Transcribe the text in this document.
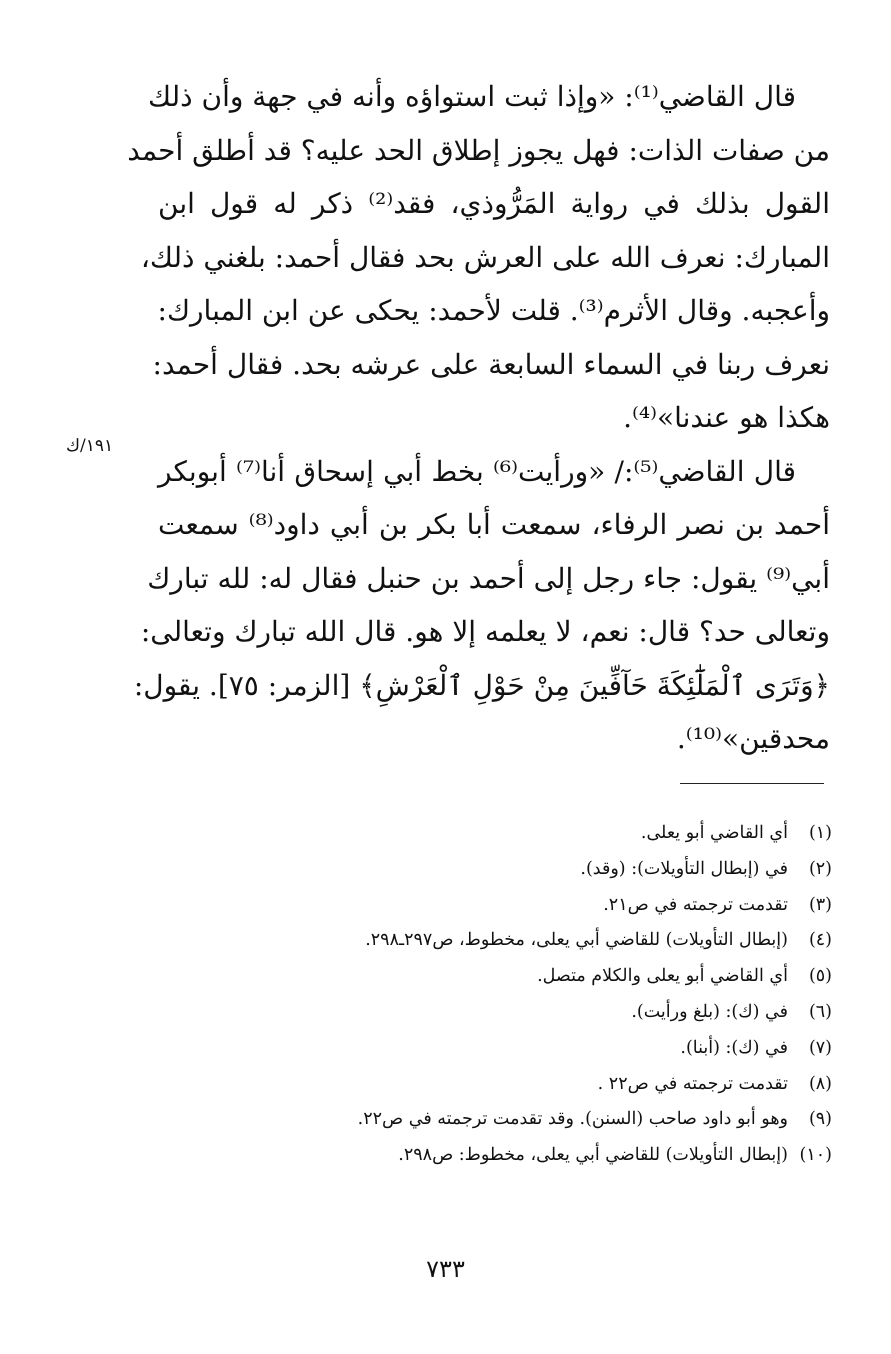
قال القاضي⁽¹⁾: «وإذا ثبت استواؤه وأنه في جهة وأن ذلك
من صفات الذات: فهل يجوز إطلاق الحد عليه؟ قد أطلق أحمد
القول بذلك في رواية المَرُّوذي، فقد⁽²⁾ ذكر له قول ابن
المبارك: نعرف الله على العرش بحد فقال أحمد: بلغني ذلك،
وأعجبه. وقال الأثرم⁽³⁾. قلت لأحمد: يحكى عن ابن المبارك:
نعرف ربنا في السماء السابعة على عرشه بحد. فقال أحمد:
هكذا هو عندنا»⁽⁴⁾.
قال القاضي⁽⁵⁾:/ «ورأيت⁽⁶⁾ بخط أبي إسحاق أنا⁽⁷⁾ أبوبكر
أحمد بن نصر الرفاء، سمعت أبا بكر بن أبي داود⁽⁸⁾ سمعت
أبي⁽⁹⁾ يقول: جاء رجل إلى أحمد بن حنبل فقال له: لله تبارك
وتعالى حد؟ قال: نعم، لا يعلمه إلا هو. قال الله تبارك وتعالى:
﴿وَتَرَى ٱلْمَلَٰٓئِكَةَ حَآفِّينَ مِنْ حَوْلِ ٱلْعَرْشِ﴾ [الزمر: ٧٥]. يقول:
محدقين»⁽¹⁰⁾.
١٩١/ك
(١)أي القاضي أبو يعلى.
(٢)في (إبطال التأويلات): (وقد).
(٣)تقدمت ترجمته في ص٢١.
(٤)(إبطال التأويلات) للقاضي أبي يعلى، مخطوط، ص٢٩٧ـ٢٩٨.
(٥)أي القاضي أبو يعلى والكلام متصل.
(٦)في (ك): (بلغ ورأيت).
(٧)في (ك): (أبنا).
(٨)تقدمت ترجمته في ص٢٢ .
(٩)وهو أبو داود صاحب (السنن). وقد تقدمت ترجمته في ص٢٢.
(١٠)(إبطال التأويلات) للقاضي أبي يعلى، مخطوط: ص٢٩٨.
٧٣٣
